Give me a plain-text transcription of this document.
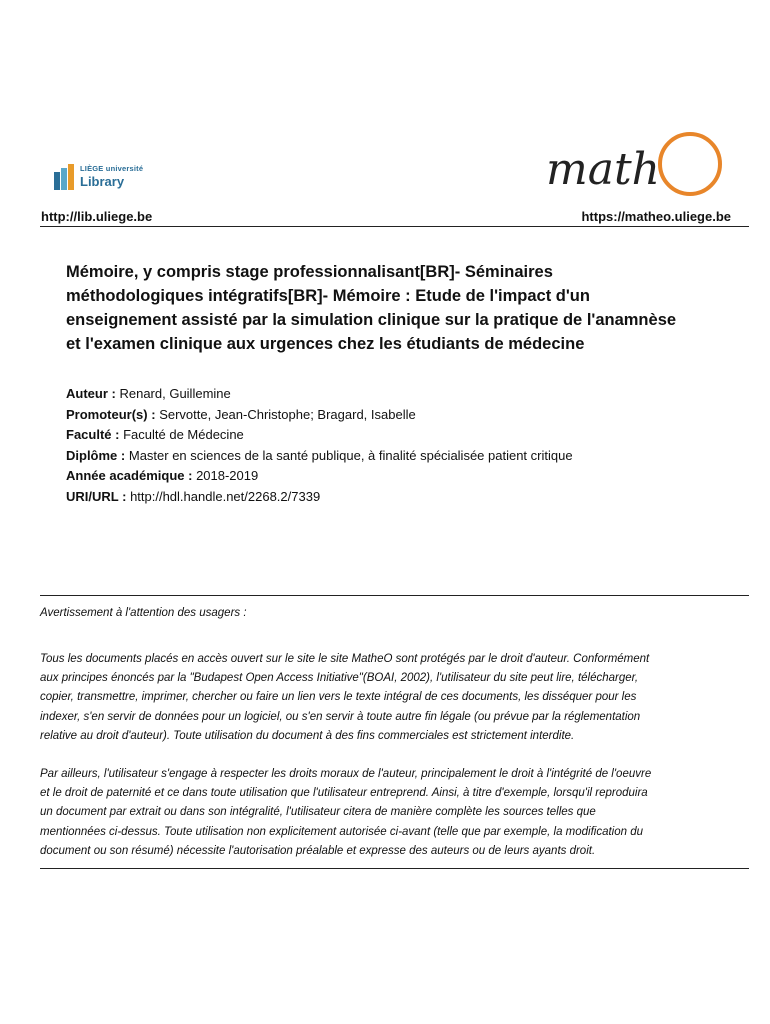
LIÈGE université
Library	math
http://lib.uliege.be	https://matheo.uliege.be
Mémoire, y compris stage professionnalisant[BR]- Séminaires
méthodologiques intégratifs[BR]- Mémoire : Etude de l'impact d'un
enseignement assisté par la simulation clinique sur la pratique de l'anamnèse
et l'examen clinique aux urgences chez les étudiants de médecine
Auteur : Renard, Guillemine
Promoteur(s) : Servotte, Jean-Christophe; Bragard, Isabelle
Faculté : Faculté de Médecine
Diplôme : Master en sciences de la santé publique, à finalité spécialisée patient critique
Année académique : 2018-2019
URI/URL : http://hdl.handle.net/2268.2/7339
Avertissement à l'attention des usagers :

Tous les documents placés en accès ouvert sur le site le site MatheO sont protégés par le droit d'auteur. Conformément
aux principes énoncés par la "Budapest Open Access Initiative"(BOAI, 2002), l'utilisateur du site peut lire, télécharger,
copier, transmettre, imprimer, chercher ou faire un lien vers le texte intégral de ces documents, les disséquer pour les
indexer, s'en servir de données pour un logiciel, ou s'en servir à toute autre fin légale (ou prévue par la réglementation
relative au droit d'auteur). Toute utilisation du document à des fins commerciales est strictement interdite.

Par ailleurs, l'utilisateur s'engage à respecter les droits moraux de l'auteur, principalement le droit à l'intégrité de l'oeuvre
et le droit de paternité et ce dans toute utilisation que l'utilisateur entreprend. Ainsi, à titre d'exemple, lorsqu'il reproduira
un document par extrait ou dans son intégralité, l'utilisateur citera de manière complète les sources telles que
mentionnées ci-dessus. Toute utilisation non explicitement autorisée ci-avant (telle que par exemple, la modification du
document ou son résumé) nécessite l'autorisation préalable et expresse des auteurs ou de leurs ayants droit.
